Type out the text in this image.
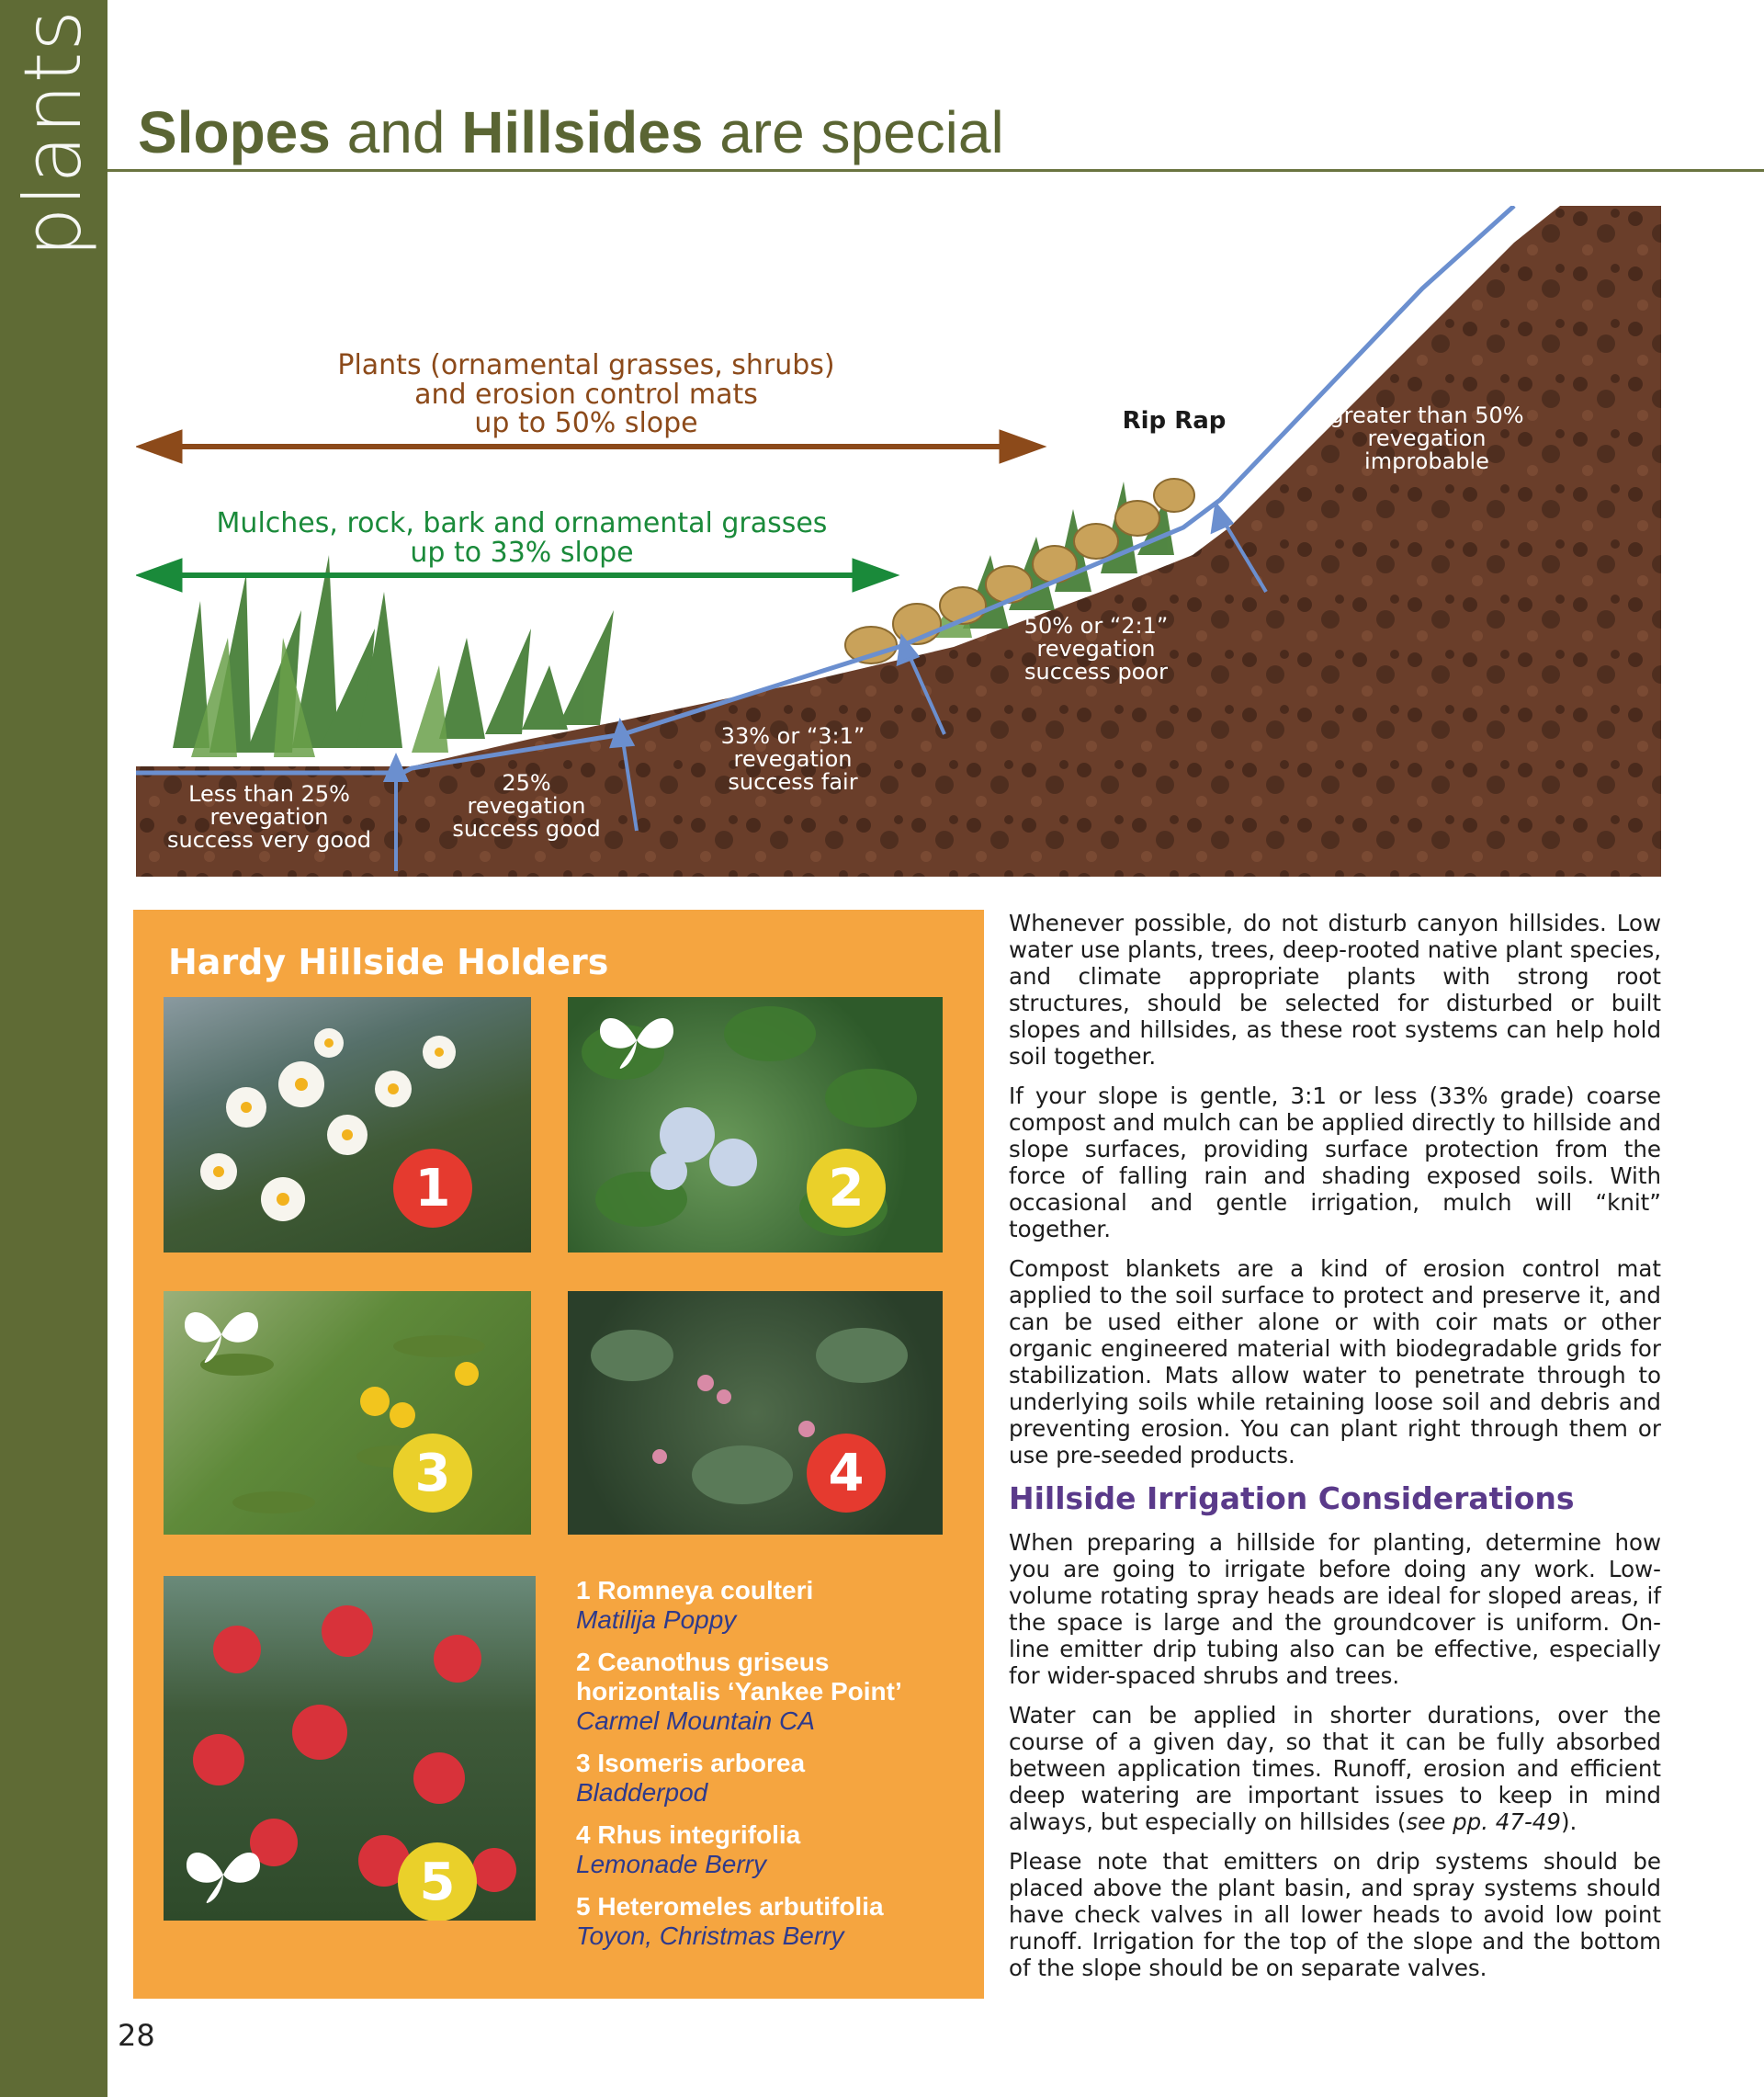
plants Slopes and Hillsides are special
Plants (ornamental grasses, shrubs)
and erosion control mats
up to 50% slope
Mulches, rock, bark and ornamental grasses
up to 33% slope
Rip Rap	greater than 50%
revegation
improbable
50% or “2:1”
revegation
success poor
33% or “3:1”
revegation
success fair
25%
revegation
success good
Less than 25%
revegation
success very good
Hardy Hillside Holders
1	2
3	4
5
1 Romneya coulteri
Matilija Poppy
2 Ceanothus griseus
horizontalis ‘Yankee Point’
Carmel Mountain CA
3 Isomeris arborea
Bladderpod
4 Rhus integrifolia
Lemonade Berry
5 Heteromeles arbutifolia
Toyon, Christmas Berry

Whenever possible, do not disturb canyon hillsides. Low water use plants, trees, deep-rooted native plant species, and climate appropriate plants with strong root structures, should be selected for disturbed or built slopes and hillsides, as these root systems can help hold soil together.

If your slope is gentle, 3:1 or less (33% grade) coarse compost and mulch can be applied directly to hillside and slope surfaces, providing surface protection from the force of falling rain and shading exposed soils. With occasional and gentle irrigation, mulch will “knit” together.

Compost blankets are a kind of erosion control mat applied to the soil surface to protect and preserve it, and can be used either alone or with coir mats or other organic engineered material with biodegradable grids for stabilization. Mats allow water to penetrate through to underlying soils while retaining loose soil and debris and preventing erosion. You can plant right through them or use pre-seeded products.

Hillside Irrigation Considerations

When preparing a hillside for planting, determine how you are going to irrigate before doing any work. Low-volume rotating spray heads are ideal for sloped areas, if the space is large and the groundcover is uniform. On-line emitter drip tubing also can be effective, especially for wider-spaced shrubs and trees.

Water can be applied in shorter durations, over the course of a given day, so that it can be fully absorbed between application times. Runoff, erosion and efficient deep watering are important issues to keep in mind always, but especially on hillsides (see pp. 47-49).

Please note that emitters on drip systems should be placed above the plant basin, and spray systems should have check valves in all lower heads to avoid low point runoff. Irrigation for the top of the slope and the bottom of the slope should be on separate valves.

28
